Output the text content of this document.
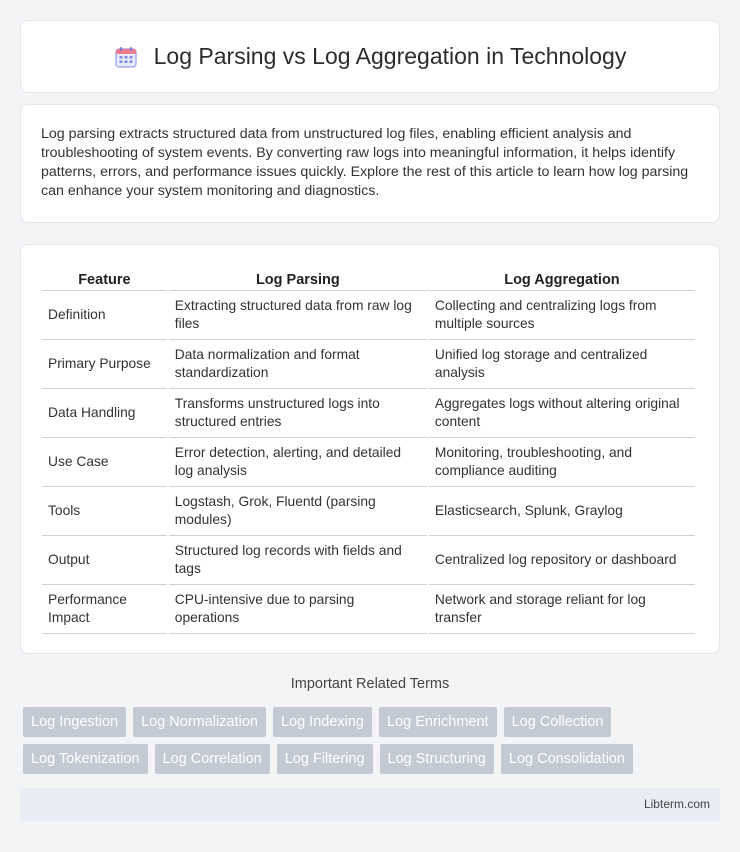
Log Parsing vs Log Aggregation in Technology

Log parsing extracts structured data from unstructured log files, enabling efficient analysis and troubleshooting of system events. By converting raw logs into meaningful information, it helps identify patterns, errors, and performance issues quickly. Explore the rest of this article to learn how log parsing can enhance your system monitoring and diagnostics.

Feature	Log Parsing	Log Aggregation
Definition	Extracting structured data from raw log files	Collecting and centralizing logs from multiple sources
Primary Purpose	Data normalization and format standardization	Unified log storage and centralized analysis
Data Handling	Transforms unstructured logs into structured entries	Aggregates logs without altering original content
Use Case	Error detection, alerting, and detailed log analysis	Monitoring, troubleshooting, and compliance auditing
Tools	Logstash, Grok, Fluentd (parsing modules)	Elasticsearch, Splunk, Graylog
Output	Structured log records with fields and tags	Centralized log repository or dashboard
Performance Impact	CPU-intensive due to parsing operations	Network and storage reliant for log transfer
Important Related Terms
Log Ingestion	Log Normalization	Log Indexing	Log Enrichment	Log Collection
Log Tokenization	Log Correlation	Log Filtering	Log Structuring	Log Consolidation
Libterm.com
